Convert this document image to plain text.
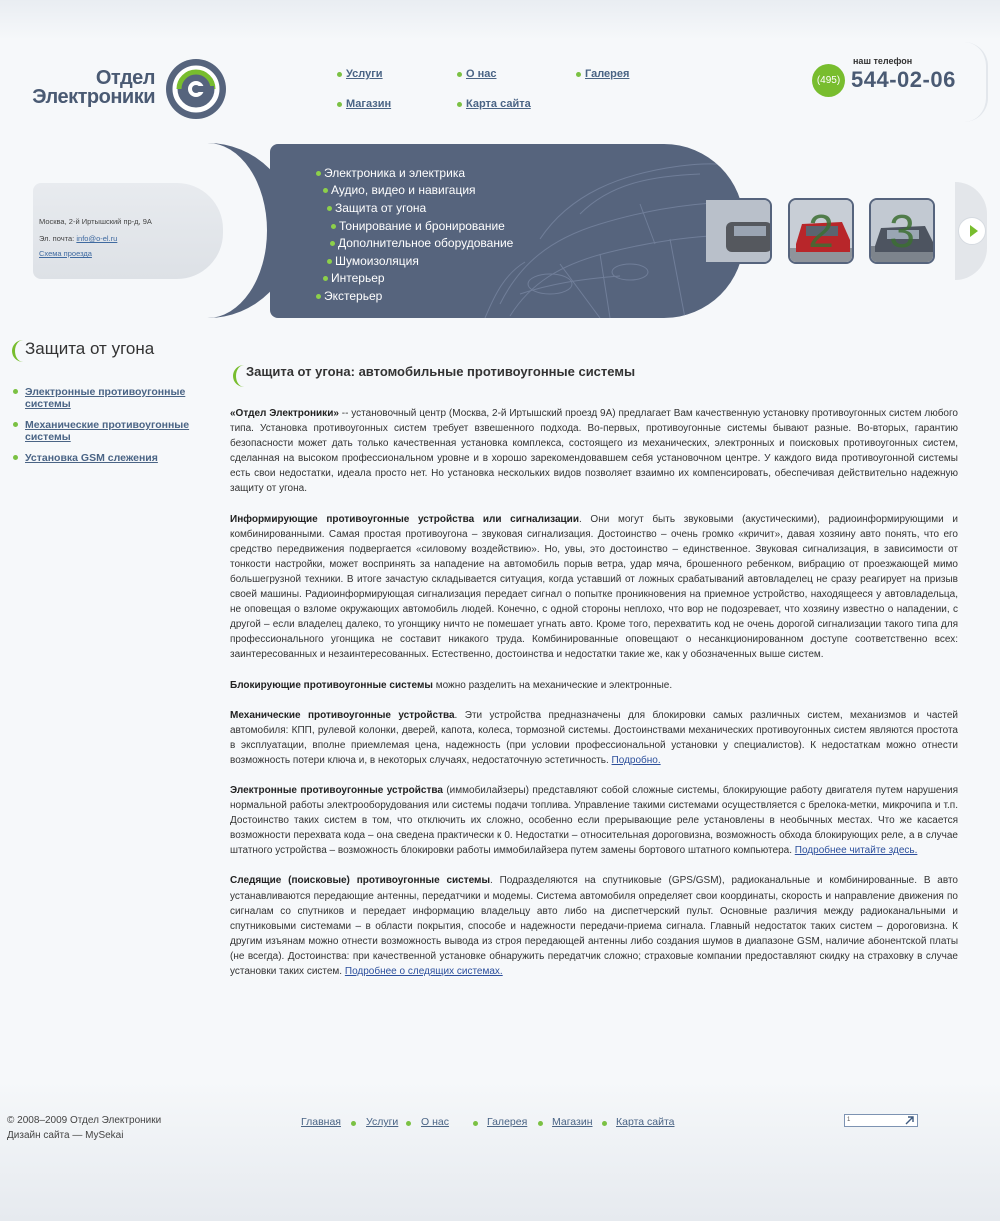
Отдел
Электроники
Услуги	О нас	Галерея
Магазин	Карта сайта
(495)
наш телефон
544-02-06
Москва, 2-й Иртышский пр-д, 9А
Эл. почта: info@o-el.ru
Схема проезда
Электроника и электрика
Аудио, видео и навигация
Защита от угона
Тонирование и бронирование
Дополнительное оборудование
Шумоизоляция
Интерьер
Экстерьер
2	3
Защита от угона
Электронные противоугонные системы
Механические противоугонные системы
Установка GSM слежения
Защита от угона: автомобильные противоугонные системы

«Отдел Электроники» -- установочный центр (Москва, 2-й Иртышский проезд 9А) предлагает Вам качественную установку противоугонных систем любого типа. Установка противоугонных систем требует взвешенного подхода. Во-первых, противоугонные системы бывают разные. Во-вторых, гарантию безопасности может дать только качественная установка комплекса, состоящего из механических, электронных и поисковых противоугонных систем, сделанная на высоком профессиональном уровне и в хорошо зарекомендовавшем себя установочном центре. У каждого вида противоугонной системы есть свои недостатки, идеала просто нет. Но установка нескольких видов позволяет взаимно их компенсировать, обеспечивая действительно надежную защиту от угона.

Информирующие противоугонные устройства или сигнализации. Они могут быть звуковыми (акустическими), радиоинформирующими и комбинированными. Самая простая противоугона – звуковая сигнализация. Достоинство – очень громко «кричит», давая хозяину авто понять, что его средство передвижения подвергается «силовому воздействию». Но, увы, это достоинство – единственное. Звуковая сигнализация, в зависимости от тонкости настройки, может воспринять за нападение на автомобиль порыв ветра, удар мяча, брошенного ребенком, вибрацию от проезжающей мимо большегрузной техники. В итоге зачастую складывается ситуация, когда уставший от ложных срабатываний автовладелец не сразу реагирует на призыв своей машины. Радиоинформирующая сигнализация передает сигнал о попытке проникновения на приемное устройство, находящееся у автовладельца, не оповещая о взломе окружающих автомобиль людей. Конечно, с одной стороны неплохо, что вор не подозревает, что хозяину известно о нападении, с другой – если владелец далеко, то угонщику ничто не помешает угнать авто. Кроме того, перехватить код не очень дорогой сигнализации такого типа для профессионального угонщика не составит никакого труда. Комбинированные оповещают о несанкционированном доступе соответственно всех: заинтересованных и незаинтересованных. Естественно, достоинства и недостатки такие же, как у обозначенных выше систем.

Блокирующие противоугонные системы можно разделить на механические и электронные.

Механические противоугонные устройства. Эти устройства предназначены для блокировки самых различных систем, механизмов и частей автомобиля: КПП, рулевой колонки, дверей, капота, колеса, тормозной системы. Достоинствами механических противоугонных систем являются простота в эксплуатации, вполне приемлемая цена, надежность (при условии профессиональной установки у специалистов). К недостаткам можно отнести возможность потери ключа и, в некоторых случаях, недостаточную эстетичность. Подробно.

Электронные противоугонные устройства (иммобилайзеры) представляют собой сложные системы, блокирующие работу двигателя путем нарушения нормальной работы электрооборудования или системы подачи топлива. Управление такими системами осуществляется с брелока-метки, микрочипа и т.п. Достоинство таких систем в том, что отключить их сложно, особенно если прерывающие реле установлены в необычных местах. Что же касается возможности перехвата кода – она сведена практически к 0. Недостатки – относительная дороговизна, возможность обхода блокирующих реле, а в случае штатного устройства – возможность блокировки работы иммобилайзера путем замены бортового штатного компьютера. Подробнее читайте здесь.

Следящие (поисковые) противоугонные системы. Подразделяются на спутниковые (GPS/GSM), радиоканальные и комбинированные. В авто устанавливаются передающие антенны, передатчики и модемы. Система автомобиля определяет свои координаты, скорость и направление движения по сигналам со спутников и передает информацию владельцу авто либо на диспетчерский пульт. Основные различия между радиоканальными и спутниковыми системами – в области покрытия, способе и надежности передачи-приема сигнала. Главный недостаток таких систем – дороговизна. К другим изъянам можно отнести возможность вывода из строя передающей антенны либо создания шумов в диапазоне GSM, наличие абонентской платы (не всегда). Достоинства: при качественной установке обнаружить передатчик сложно; страховые компании предоставляют скидку на страховку в случае установки таких систем. Подробнее о следящих системах.

© 2008–2009 Отдел Электроники
Дизайн сайта — MySekai
Главная Услуги О нас	Галерея Магазин Карта сайта	1
